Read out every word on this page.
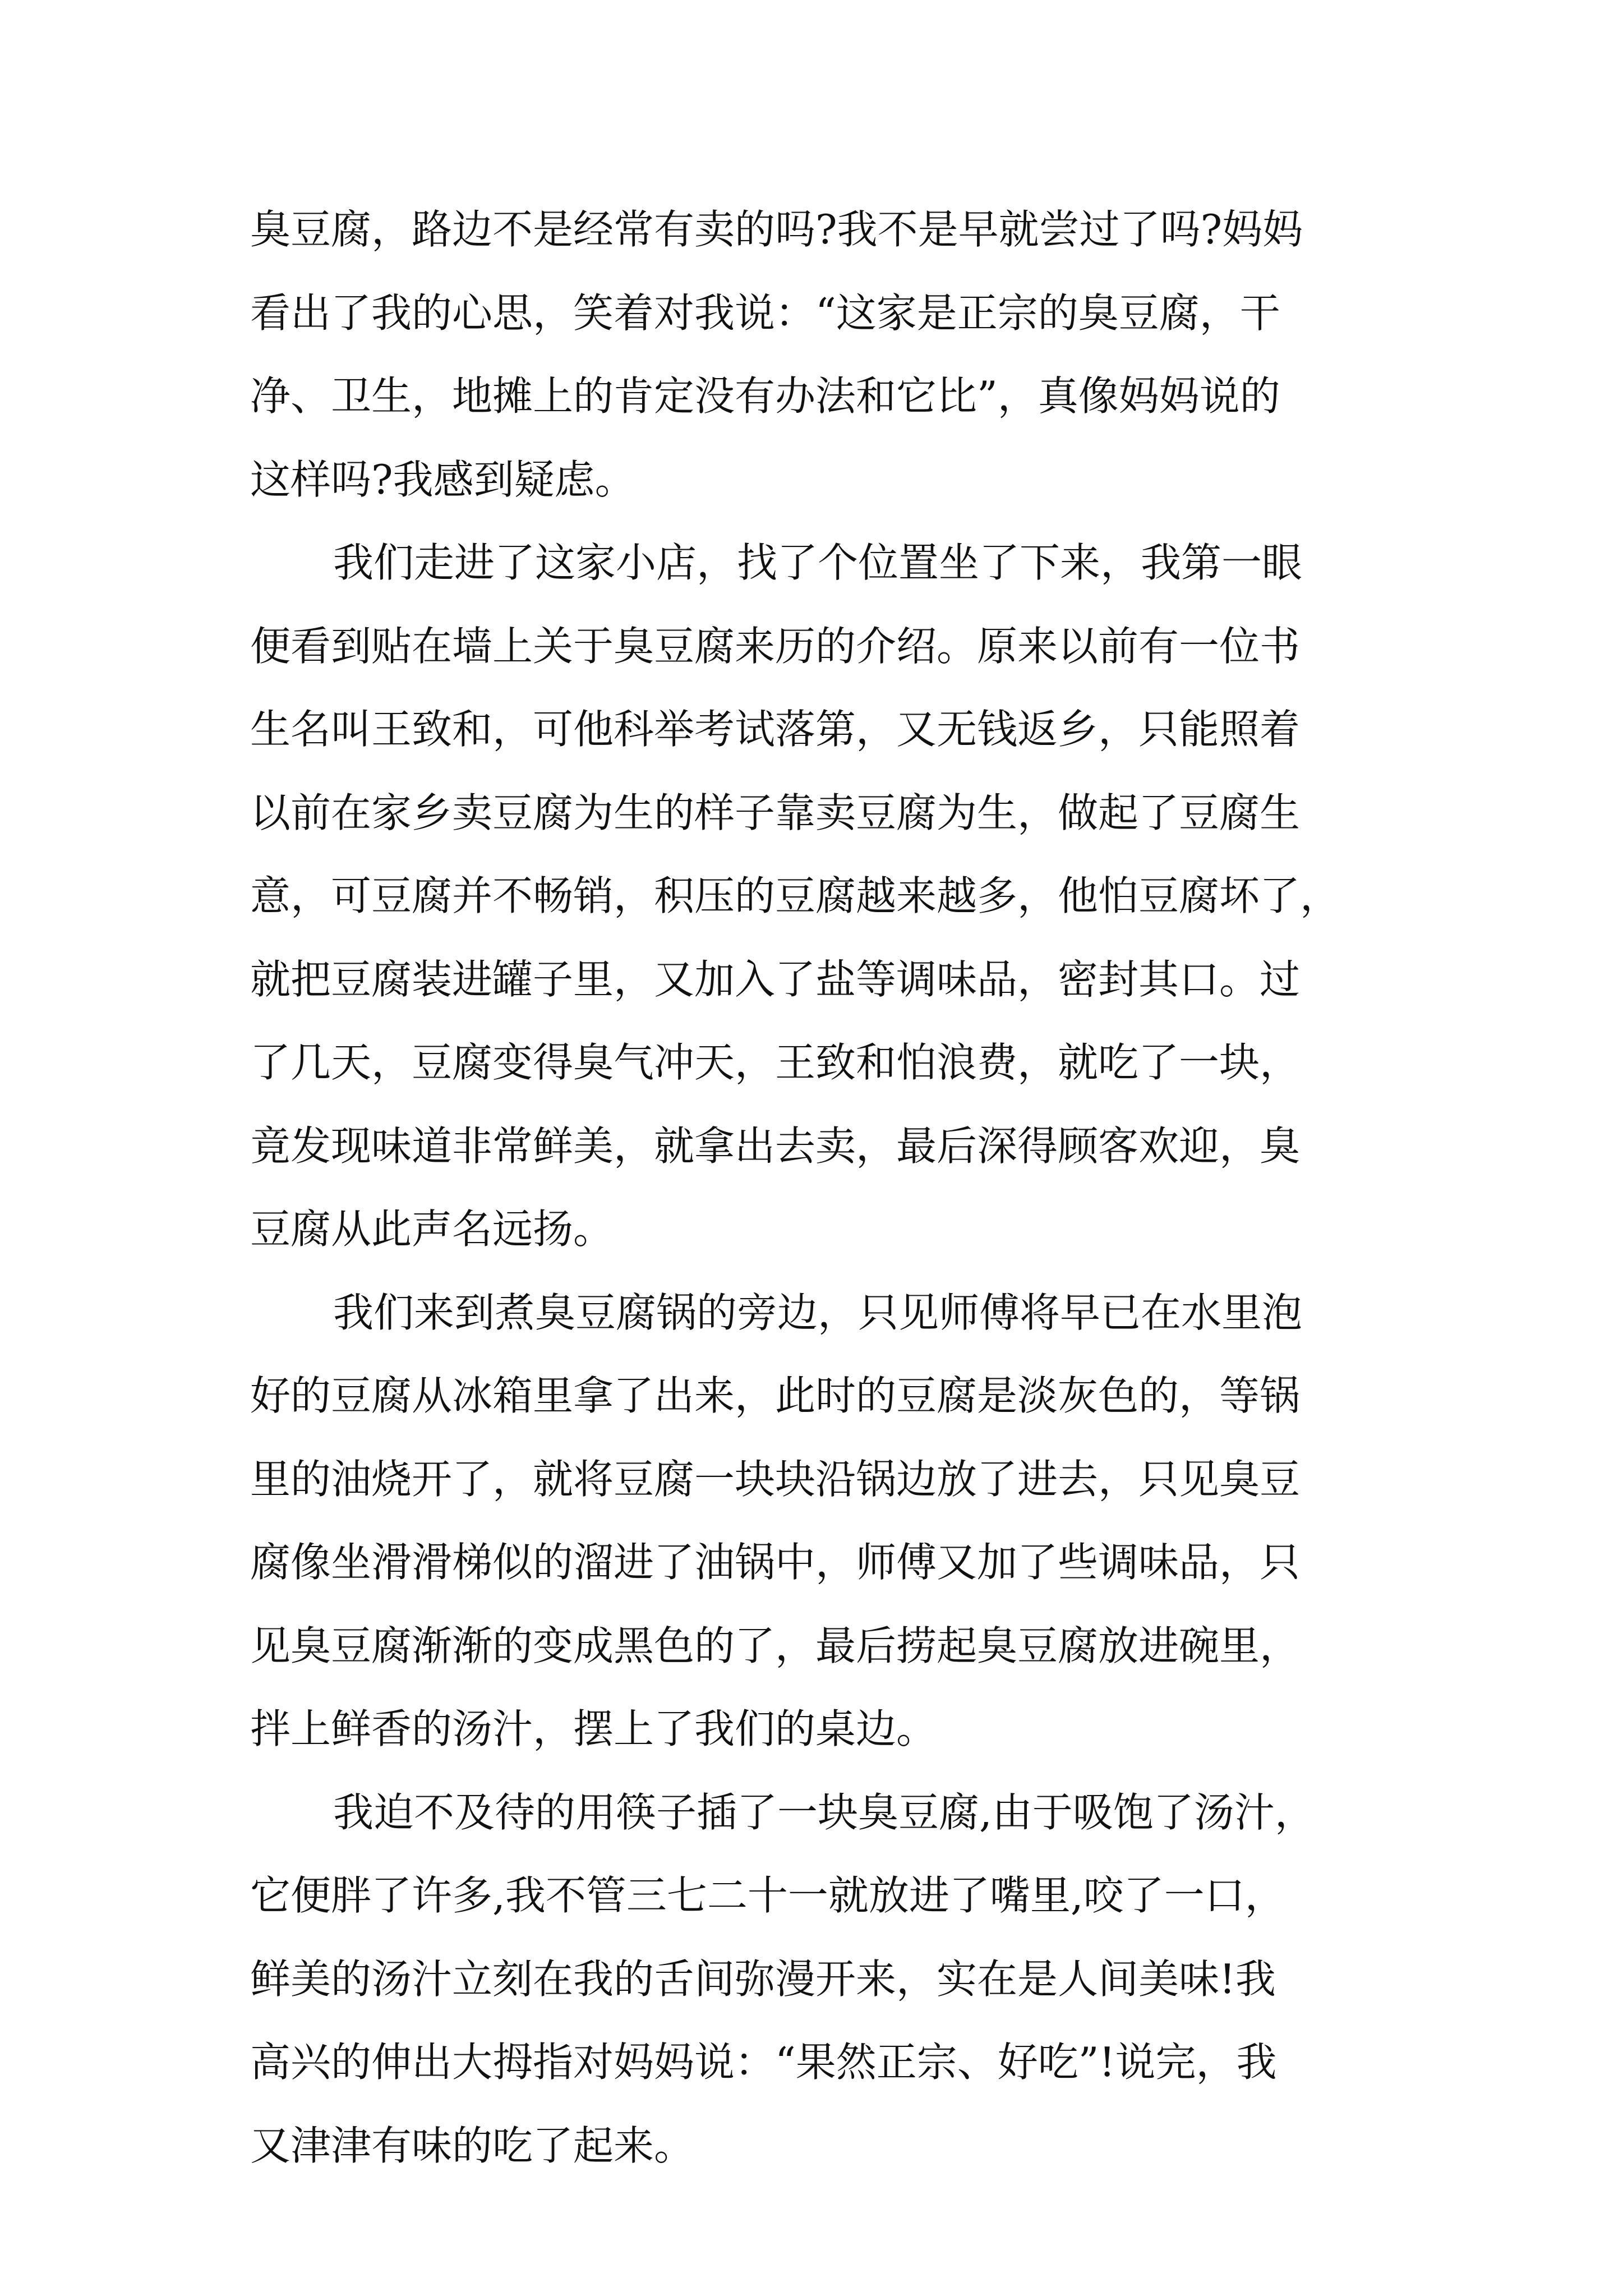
臭豆腐，路边不是经常有卖的吗?我不是早就尝过了吗?妈妈
看出了我的心思，笑着对我说：“这家是正宗的臭豆腐，干
净、卫生，地摊上的肯定没有办法和它比”，真像妈妈说的
这样吗?我感到疑虑。
我们走进了这家小店，找了个位置坐了下来，我第一眼
便看到贴在墙上关于臭豆腐来历的介绍。原来以前有一位书
生名叫王致和，可他科举考试落第，又无钱返乡，只能照着
以前在家乡卖豆腐为生的样子靠卖豆腐为生，做起了豆腐生
意，可豆腐并不畅销，积压的豆腐越来越多，他怕豆腐坏了，
就把豆腐装进罐子里，又加入了盐等调味品，密封其口。过
了几天，豆腐变得臭气冲天，王致和怕浪费，就吃了一块，
竟发现味道非常鲜美，就拿出去卖，最后深得顾客欢迎，臭
豆腐从此声名远扬。
我们来到煮臭豆腐锅的旁边，只见师傅将早已在水里泡
好的豆腐从冰箱里拿了出来，此时的豆腐是淡灰色的，等锅
里的油烧开了，就将豆腐一块块沿锅边放了进去，只见臭豆
腐像坐滑滑梯似的溜进了油锅中，师傅又加了些调味品，只
见臭豆腐渐渐的变成黑色的了，最后捞起臭豆腐放进碗里，
拌上鲜香的汤汁，摆上了我们的桌边。
我迫不及待的用筷子插了一块臭豆腐,由于吸饱了汤汁，
它便胖了许多,我不管三七二十一就放进了嘴里,咬了一口，
鲜美的汤汁立刻在我的舌间弥漫开来，实在是人间美味!我
高兴的伸出大拇指对妈妈说：“果然正宗、好吃”!说完，我
又津津有味的吃了起来。
